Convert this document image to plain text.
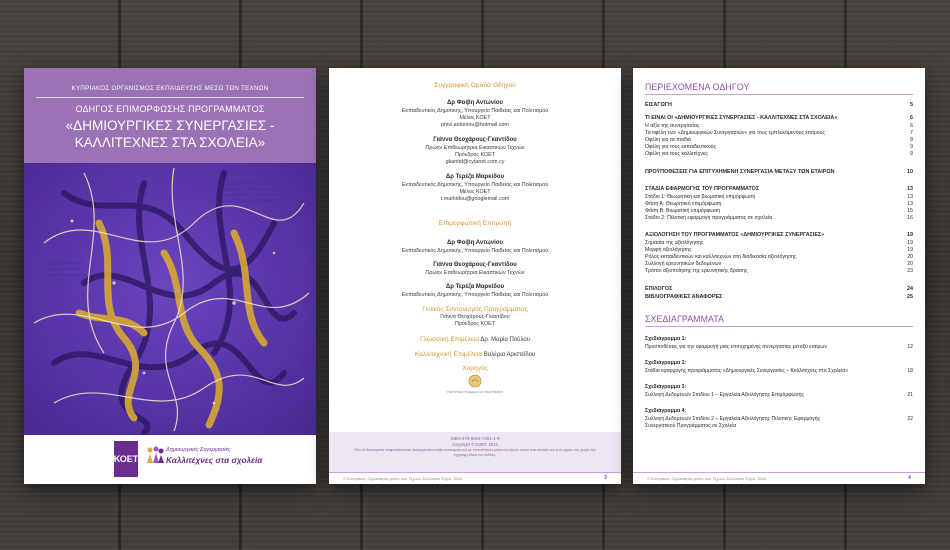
ΚΥΠΡΙΑΚΟΣ ΟΡΓΑΝΙΣΜΟΣ ΕΚΠΑΙΔΕΥΣΗΣ ΜΕΣΩ ΤΩΝ ΤΕΧΝΩΝ
ΟΔΗΓΟΣ ΕΠΙΜΟΡΦΩΣΗΣ ΠΡΟΓΡΑΜΜΑΤΟΣ
«ΔΗΜΙΟΥΡΓΙΚΕΣ ΣΥΝΕΡΓΑΣΙΕΣ -
ΚΑΛΛΙΤΕΧΝΕΣ ΣΤΑ ΣΧΟΛΕΙΑ»
ΚΟΕΤ
Δημιουργικές Συνεργασίες
Καλλιτέχνες στα σχολεία
Συγγραφική Ομάδα Οδηγού
Δρ Φοίβη Αντωνίου
Εκπαιδευτικός Δημοτικής, Υπουργείο Παιδείας και Πολιτισμού
Μέλος ΚΟΕΤ
phivi.antoniou@hotmail.com
Γιάννα Θεοχάρους-Γκαντίδου
Πρώην Επιθεωρήτρια Εικαστικών Τεχνών
Πρόεδρος ΚΟΕΤ
gkantid@cytanet.com.cy
Δρ Τερέζα Μαρκίδου
Εκπαιδευτικός Δημοτικής, Υπουργείο Παιδείας και Πολιτισμού
Μέλος ΚΟΕΤ
t.markidou@googlemail.com
Επιμορφωτική Επιτροπή
Δρ Φοίβη Αντωνίου
Εκπαιδευτικός Δημοτικής, Υπουργείο Παιδείας και Πολιτισμού
Γιάννα Θεοχάρους-Γκαντίδου
Πρώην Επιθεωρήτρια Εικαστικών Τεχνών
Δρ Τερέζα Μαρκίδου
Εκπαιδευτικός Δημοτικής, Υπουργείο Παιδείας και Πολιτισμού
Γενικός Συντονισμός Προγράμματος
Γιάννα Θεοχάρους-Γκαντίδου
Πρόεδρος ΚΟΕΤ
Γλωσσική Επιμέλεια Δρ. Μαρία Πούλου
Καλλιτεχνική Επιμέλεια Βαλέρια Αριστείδου
Χορηγός
ΥΠΟΥΡΓΕΙΟ ΠΑΙΔΕΙΑΣ ΚΑΙ ΠΟΛΙΤΙΣΜΟΥ
ISBN 978-9963-7491-1-9
Copyright © ΚΟΕΤ, 2014
Όλα τα δικαιώματα επιφυλάσσονται. Απαγορεύεται κάθε αναπαραγωγή με οποιοδήποτε μέσο του έργου αυτού στο σύνολό του ή σε μέρος του χωρίς την έγγραφη άδεια του εκδότη.
© Κυπριακός Οργανισμός μέσω των Τεχνών Συλλογικό Έργο, 2014	3
ΠΕΡΙΕΧΟΜΕΝΑ ΟΔΗΓΟΥ
ΕΙΣΑΓΩΓΗ	5
ΤΙ ΕΙΝΑΙ ΟΙ «ΔΗΜΙΟΥΡΓΙΚΕΣ ΣΥΝΕΡΓΑΣΙΕΣ - ΚΑΛΛΙΤΕΧΝΕΣ ΣΤΑ ΣΧΟΛΕΙΑ»	6
Η αξία της συνεργασίας	6
Τα οφέλη των «Δημιουργικών Συνεργασιών» για τους εμπλεκόμενους εταίρους	7
Οφέλη για τα παιδιά	8
Οφέλη για τους εκπαιδευτικούς	9
Οφέλη για τους καλλιτέχνες	9
ΠΡΟΫΠΟΘΕΣΕΙΣ ΓΙΑ ΕΠΙΤΥΧΗΜΕΝΗ ΣΥΝΕΡΓΑΣΙΑ ΜΕΤΑΞΥ ΤΩΝ ΕΤΑΙΡΩΝ	10
ΣΤΑΔΙΑ ΕΦΑΡΜΟΓΗΣ ΤΟΥ ΠΡΟΓΡΑΜΜΑΤΟΣ	13
Στάδιο 1: Θεωρητική και βιωματική επιμόρφωση	13
Φάση Α: Θεωρητική επιμόρφωση	13
Φάση Β: Βιωματική επιμόρφωση	15
Στάδιο 2: Πιλοτική εφαρμογή προγράμματος σε σχολεία	16
ΑΞΙΟΛΟΓΗΣΗ ΤΟΥ ΠΡΟΓΡΑΜΜΑΤΟΣ «ΔΗΜΙΟΥΡΓΙΚΕΣ ΣΥΝΕΡΓΑΣΙΕΣ»	19
Σημασία της αξιολόγησης	19
Μορφή αξιολόγησης	19
Ρόλος εκπαιδευτικών και καλλιτεχνών στη διαδικασία αξιολόγησης	20
Συλλογή ερευνητικών δεδομένων	20
Τρόποι αξιοποίησης της ερευνητικής δράσης	23
ΕΠΙΛΟΓΟΣ	24
ΒΙΒΛΙΟΓΡΑΦΙΚΕΣ ΑΝΑΦΟΡΕΣ	25
ΣΧΕΔΙΑΓΡΑΜΜΑΤΑ
Σχεδιάγραμμα 1:
Προϋποθέσεις για την εφαρμογή μιας επιτυχημένης συνεργασίας μεταξύ εταίρων	12
Σχεδιάγραμμα 2:
Στάδια εφαρμογής προγράμματος «Δημιουργικές Συνεργασίες – Καλλιτέχνες στα Σχολεία»	18
Σχεδιάγραμμα 3:
Συλλογή Δεδομένων Σταδίου 1 – Εργαλεία Αξιολόγησης Επιμόρφωσης	21
Σχεδιάγραμμα 4:
Συλλογή Δεδομένων Σταδίου 2 – Εργαλεία Αξιολόγησης Πιλοτικής Εφαρμογής	22
Συνεργατικού Προγράμματος σε Σχολεία
© Κυπριακός Οργανισμός μέσω των Τεχνών Συλλογικό Έργο, 2014	4
